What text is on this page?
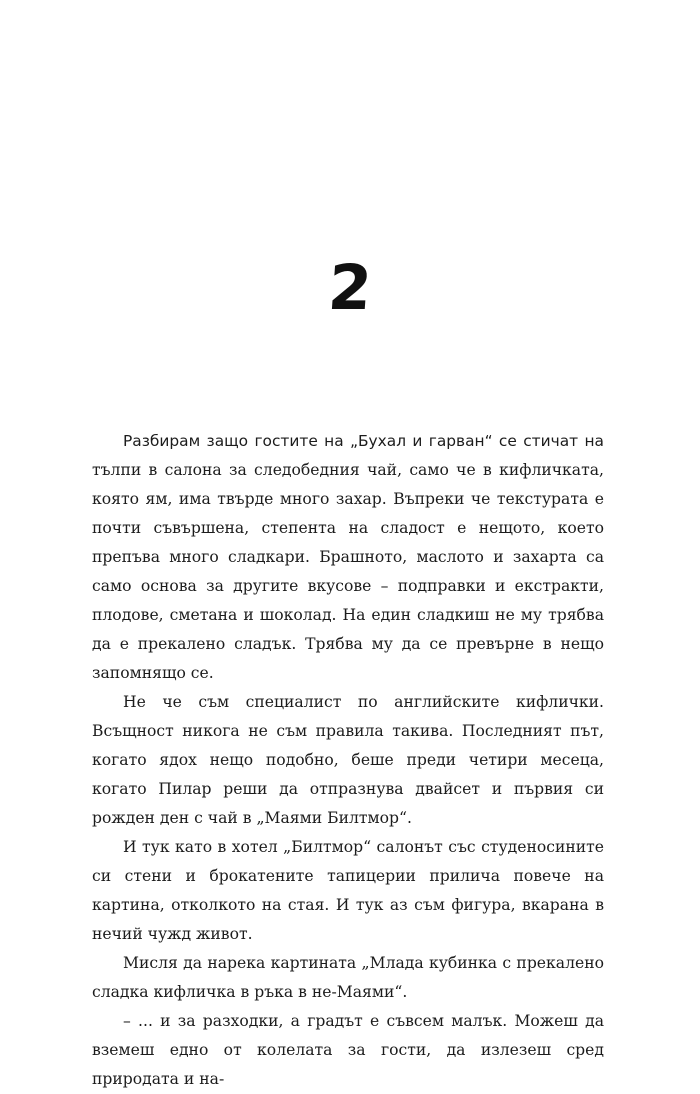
2

Разбирам защо гостите на „Бухал и гарван“ се стичат на тълпи в салона за следобедния чай, само че в кифличката, която ям, има твърде много захар. Въпреки че текстурата е почти съвършена, степента на сладост е нещото, което препъва много сладкари. Брашното, маслото и захарта са само основа за другите вкусове – подправки и екстракти, плодове, сметана и шоколад. На един сладкиш не му трябва да е прекалено сладък. Трябва му да се превърне в нещо запомнящо се.

Не че съм специалист по английските кифлички. Всъщност никога не съм правила такива. Последният път, когато ядох нещо подобно, беше преди четири месеца, когато Пилар реши да отпразнува двайсет и първия си рожден ден с чай в „Маями Билтмор“.

И тук като в хотел „Билтмор“ салонът със студеносините си стени и брокатените тапицерии прилича повече на картина, отколкото на стая. И тук аз съм фигура, вкарана в нечий чужд живот.

Мисля да нарека картината „Млада кубинка с прекалено сладка кифличка в ръка в не-Маями“.

– ... и за разходки, а градът е съвсем малък. Можеш да вземеш едно от колелата за гости, да излезеш сред природата и на-
